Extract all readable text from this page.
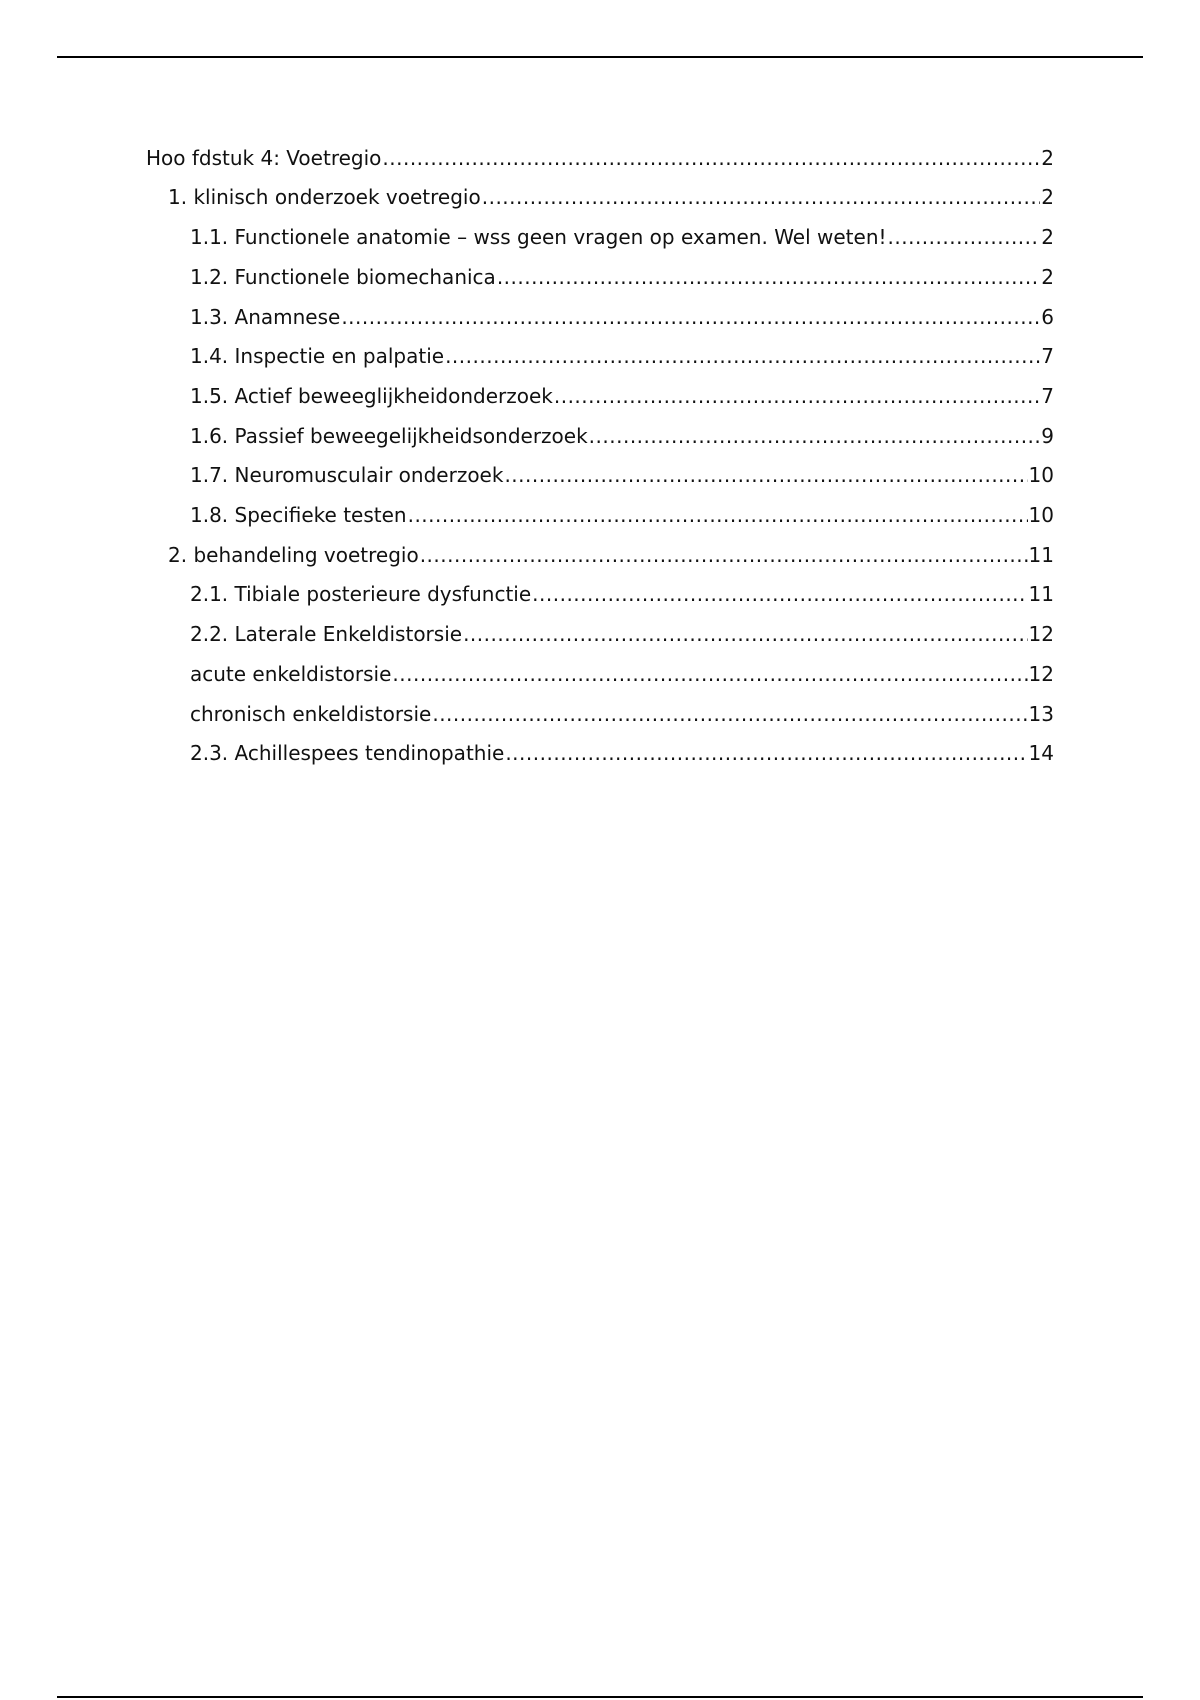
Hoo fdstuk 4: Voetregio .....	2
1. klinisch onderzoek voetregio .....	2
1.1. Functionele anatomie – wss geen vragen op examen. Wel weten! .....	2
1.2. Functionele biomechanica .....	2
1.3. Anamnese .....	6
1.4. Inspectie en palpatie .....	7
1.5. Actief beweeglijkheidonderzoek .....	7
1.6. Passief beweegelijkheidsonderzoek .....	9
1.7. Neuromusculair onderzoek .....	10
1.8. Specifieke testen .....	10
2. behandeling voetregio .....	11
2.1. Tibiale posterieure dysfunctie .....	11
2.2. Laterale Enkeldistorsie .....	12
acute enkeldistorsie .....	12
chronisch enkeldistorsie .....	13
2.3. Achillespees tendinopathie .....	14
